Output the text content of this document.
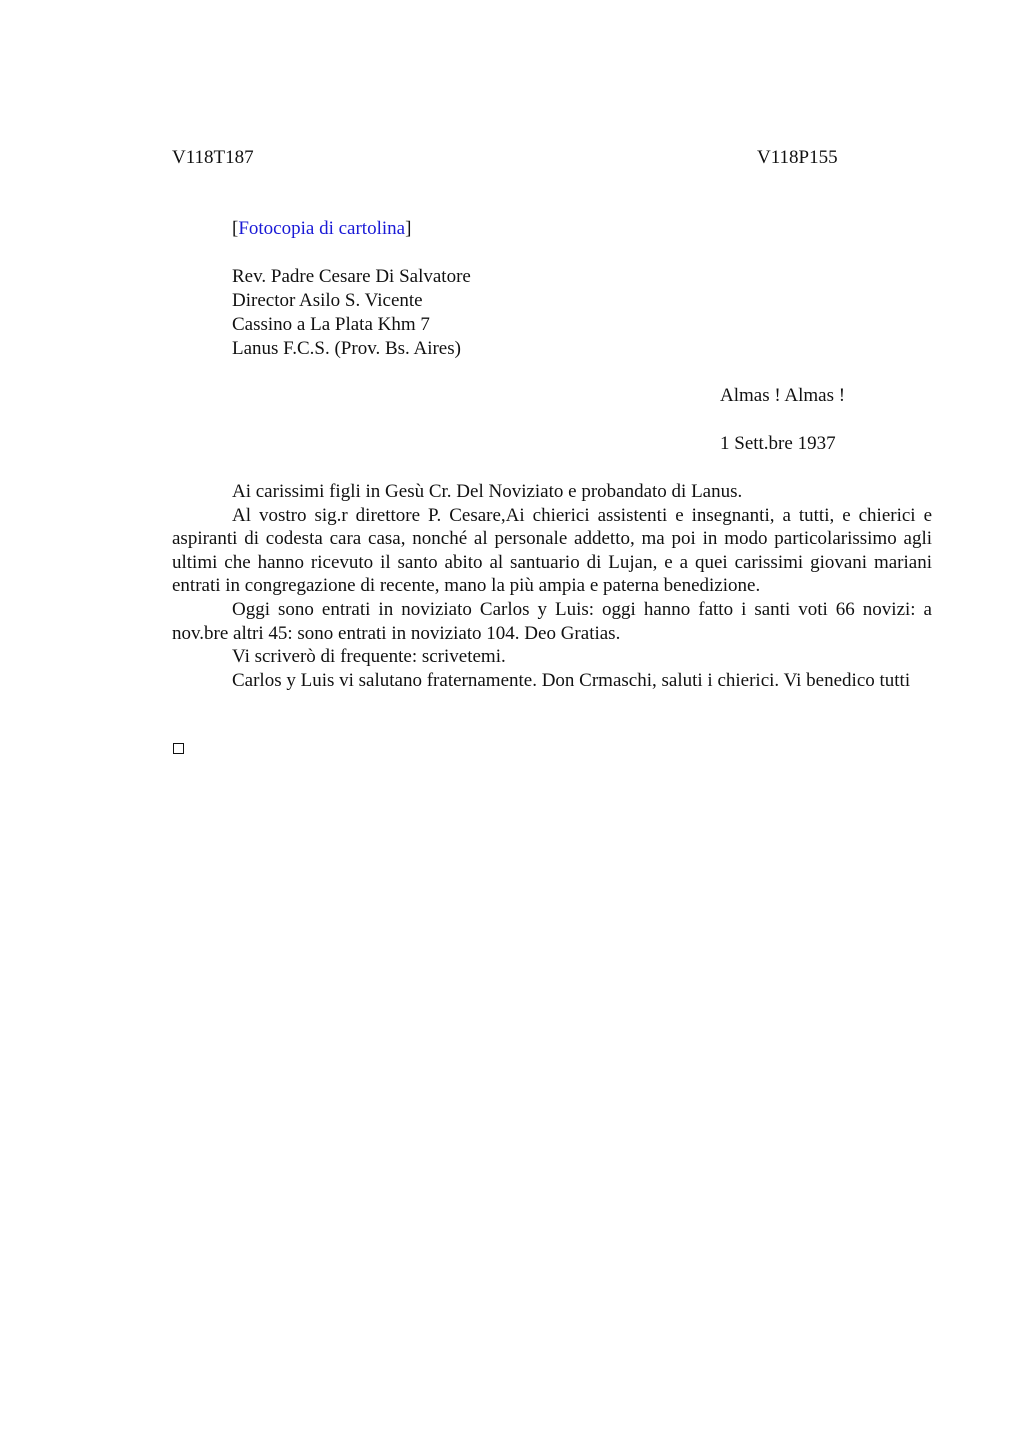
V118T187	V118P155
[Fotocopia di cartolina]
Rev. Padre Cesare Di Salvatore
Director Asilo S. Vicente
Cassino a La Plata Khm 7
Lanus F.C.S. (Prov. Bs. Aires)
Almas ! Almas !
1 Sett.bre 1937

Ai carissimi figli in Gesù Cr. Del Noviziato e probandato di Lanus.

Al vostro sig.r direttore P. Cesare,Ai chierici assistenti e insegnanti, a tutti, e chierici e aspiranti di codesta cara casa, nonché al personale addetto, ma poi in modo particolarissimo agli ultimi che hanno ricevuto il santo abito al santuario di Lujan, e a quei carissimi giovani mariani entrati in congregazione di recente, mano la più ampia e paterna benedizione.

Oggi sono entrati in noviziato Carlos y Luis: oggi hanno fatto i santi voti 66 novizi: a nov.bre altri 45: sono entrati in noviziato 104. Deo Gratias.

Vi scriverò di frequente: scrivetemi.

Carlos y Luis vi salutano fraternamente. Don Crmaschi, saluti i chierici. Vi benedico tutti
